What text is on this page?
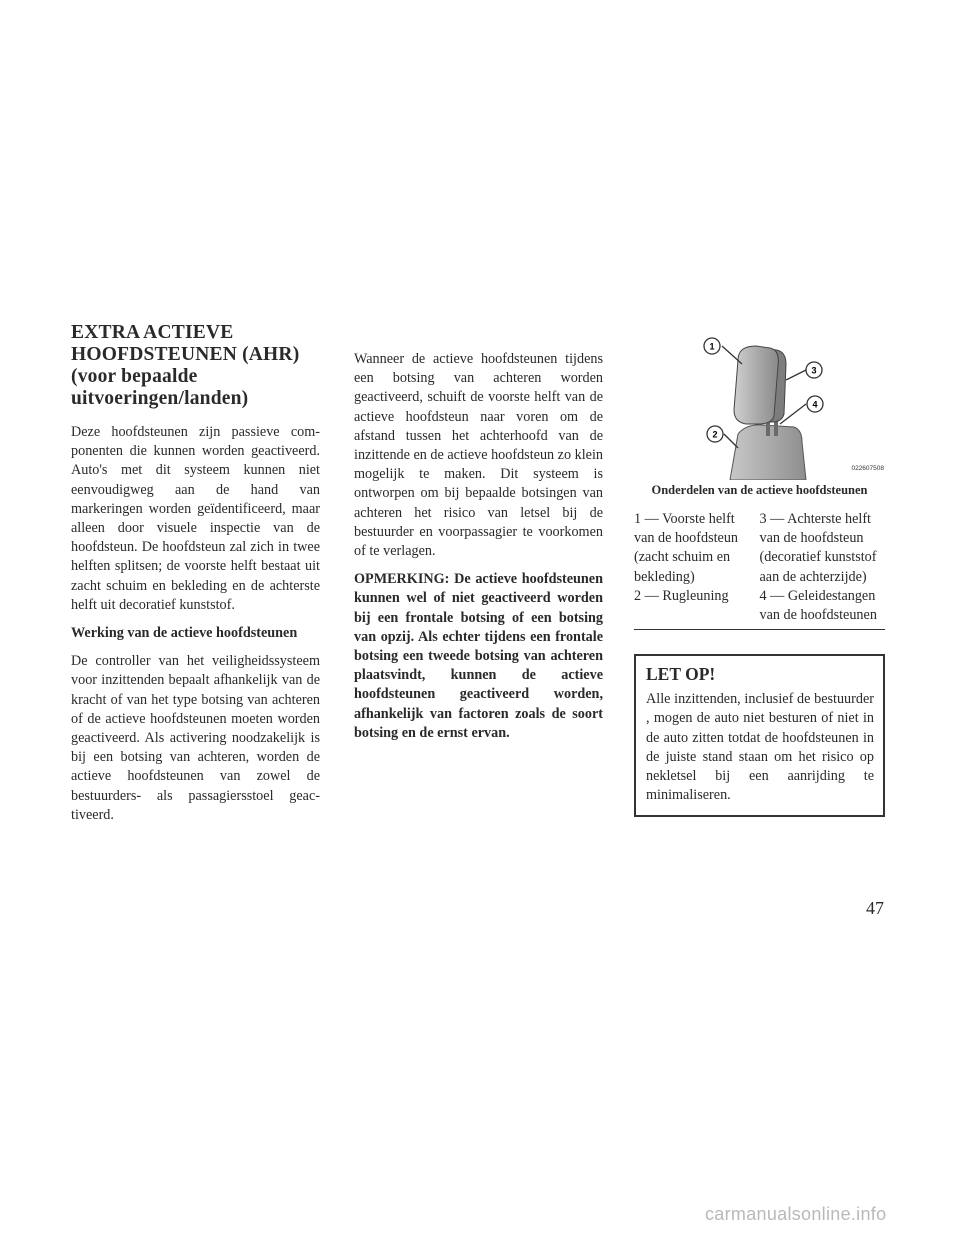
EXTRA ACTIEVE HOOFDSTEUNEN (AHR) (voor bepaalde uitvoeringen/landen)

Deze hoofdsteunen zijn passieve componenten die kunnen worden geactiveerd. Auto's met dit systeem kunnen niet eenvoudigweg aan de hand van markeringen worden geïdentificeerd, maar alleen door visuele inspectie van de hoofdsteun. De hoofdsteun zal zich in twee helften splitsen; de voorste helft bestaat uit zacht schuim en bekleding en de achterste helft uit decoratief kunststof.

Werking van de actieve hoofdsteunen

De controller van het veiligheidssysteem voor inzittenden bepaalt afhankelijk van de kracht of van het type botsing van achteren of de actieve hoofdsteunen moeten worden geactiveerd. Als activering noodzakelijk is bij een botsing van achteren, worden de actieve hoofdsteunen van zowel de bestuurders- als passagiersstoel geactiveerd.

Wanneer de actieve hoofdsteunen tijdens een botsing van achteren worden geactiveerd, schuift de voorste helft van de actieve hoofdsteun naar voren om de afstand tussen het achterhoofd van de inzittende en de actieve hoofdsteun zo klein mogelijk te maken. Dit systeem is ontworpen om bij bepaalde botsingen van achteren het risico van letsel bij de bestuurder en voorpassagier te voorkomen of te verlagen.

OPMERKING: De actieve hoofdsteunen kunnen wel of niet geactiveerd worden bij een frontale botsing of een botsing van opzij. Als echter tijdens een frontale botsing een tweede botsing van achteren plaatsvindt, kunnen de actieve hoofdsteunen geactiveerd worden, afhankelijk van factoren zoals de soort botsing en de ernst ervan.

1
3
4
2
022607508
Onderdelen van de actieve hoofdsteunen
1 — Voorste helft van de hoofdsteun (zacht schuim en bekleding)	3 — Achterste helft van de hoofdsteun (decoratief kunststof aan de achterzijde)
2 — Rugleuning	4 — Geleidestangen van de hoofdsteunen
LET OP!

Alle inzittenden, inclusief de bestuurder , mogen de auto niet besturen of niet in de auto zitten totdat de hoofdsteunen in de juiste stand staan om het risico op nekletsel bij een aanrijding te minimaliseren.

47
carmanualsonline.info
